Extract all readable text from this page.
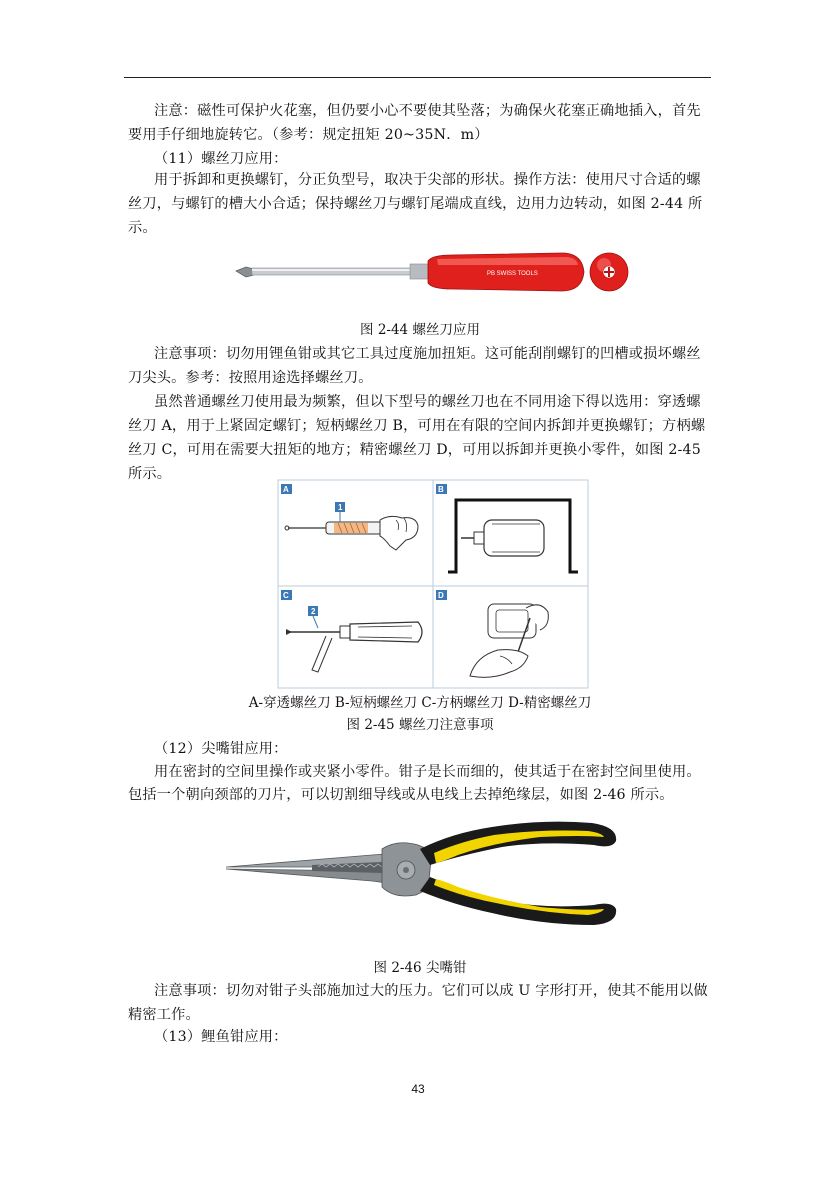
注意：磁性可保护火花塞，但仍要小心不要使其坠落；为确保火花塞正确地插入，首先
要用手仔细地旋转它。（参考：规定扭矩 20~35N．m）
（11）螺丝刀应用：
用于拆卸和更换螺钉，分正负型号，取决于尖部的形状。操作方法：使用尺寸合适的螺
丝刀，与螺钉的槽大小合适；保持螺丝刀与螺钉尾端成直线，边用力边转动，如图 2-44 所
示。
PB SWISS TOOLS
图 2-44 螺丝刀应用
注意事项：切勿用锂鱼钳或其它工具过度施加扭矩。这可能刮削螺钉的凹槽或损坏螺丝
刀尖头。参考：按照用途选择螺丝刀。
虽然普通螺丝刀使用最为频繁，但以下型号的螺丝刀也在不同用途下得以选用：穿透螺
丝刀 A，用于上紧固定螺钉；短柄螺丝刀 B，可用在有限的空间内拆卸并更换螺钉；方柄螺
丝刀 C，可用在需要大扭矩的地方；精密螺丝刀 D，可用以拆卸并更换小零件，如图 2-45
所示。
A
1
B
C
2
D
A-穿透螺丝刀 B-短柄螺丝刀 C-方柄螺丝刀 D-精密螺丝刀
图 2-45 螺丝刀注意事项
（12）尖嘴钳应用：
用在密封的空间里操作或夹紧小零件。钳子是长而细的，使其适于在密封空间里使用。
包括一个朝向颈部的刀片，可以切割细导线或从电线上去掉绝缘层，如图 2-46 所示。
图 2-46 尖嘴钳
注意事项：切勿对钳子头部施加过大的压力。它们可以成 U 字形打开，使其不能用以做
精密工作。
（13）鲤鱼钳应用：
43
